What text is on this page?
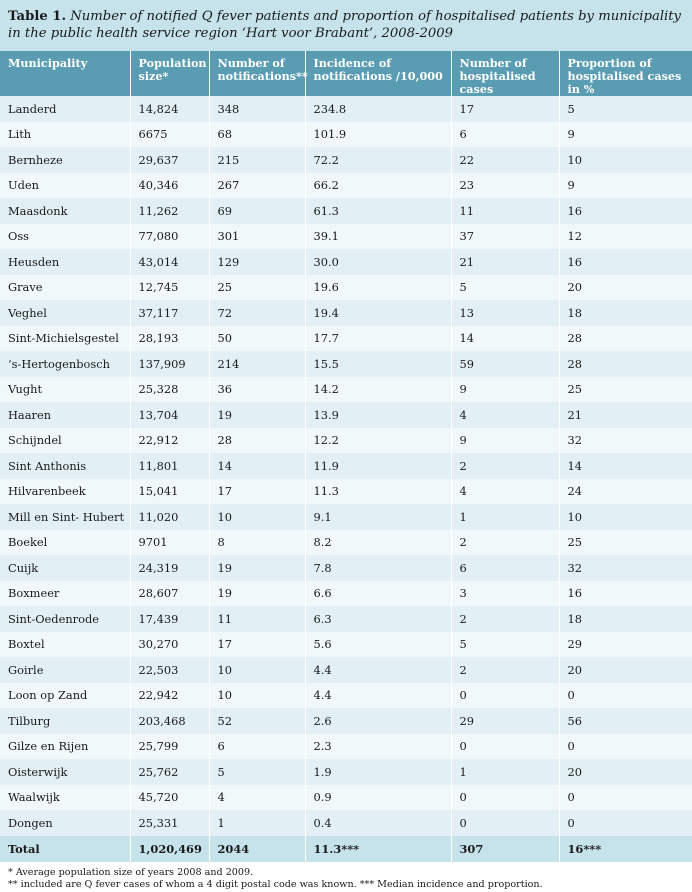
Table 1. Number of notified Q fever patients and proportion of hospitalised patients by municipality in the public health service region ‘Hart voor Brabant’, 2008-2009
Municipality	Population size*	Number of notifications**	Incidence of notifications /10,000	Number of hospitalised cases	Proportion of hospitalised cases in %
Landerd	14,824	348	234.8	17	5
Lith	6675	68	101.9	6	9
Bernheze	29,637	215	72.2	22	10
Uden	40,346	267	66.2	23	9
Maasdonk	11,262	69	61.3	11	16
Oss	77,080	301	39.1	37	12
Heusden	43,014	129	30.0	21	16
Grave	12,745	25	19.6	5	20
Veghel	37,117	72	19.4	13	18
Sint-Michielsgestel	28,193	50	17.7	14	28
‘s-Hertogenbosch	137,909	214	15.5	59	28
Vught	25,328	36	14.2	9	25
Haaren	13,704	19	13.9	4	21
Schijndel	22,912	28	12.2	9	32
Sint Anthonis	11,801	14	11.9	2	14
Hilvarenbeek	15,041	17	11.3	4	24
Mill en Sint- Hubert	11,020	10	9.1	1	10
Boekel	9701	8	8.2	2	25
Cuijk	24,319	19	7.8	6	32
Boxmeer	28,607	19	6.6	3	16
Sint-Oedenrode	17,439	11	6.3	2	18
Boxtel	30,270	17	5.6	5	29
Goirle	22,503	10	4.4	2	20
Loon op Zand	22,942	10	4.4	0	0
Tilburg	203,468	52	2.6	29	56
Gilze en Rijen	25,799	6	2.3	0	0
Oisterwijk	25,762	5	1.9	1	20
Waalwijk	45,720	4	0.9	0	0
Dongen	25,331	1	0.4	0	0
Total	1,020,469	2044	11.3***	307	16***
* Average population size of years 2008 and 2009.
** included are Q fever cases of whom a 4 digit postal code was known. *** Median incidence and proportion.
